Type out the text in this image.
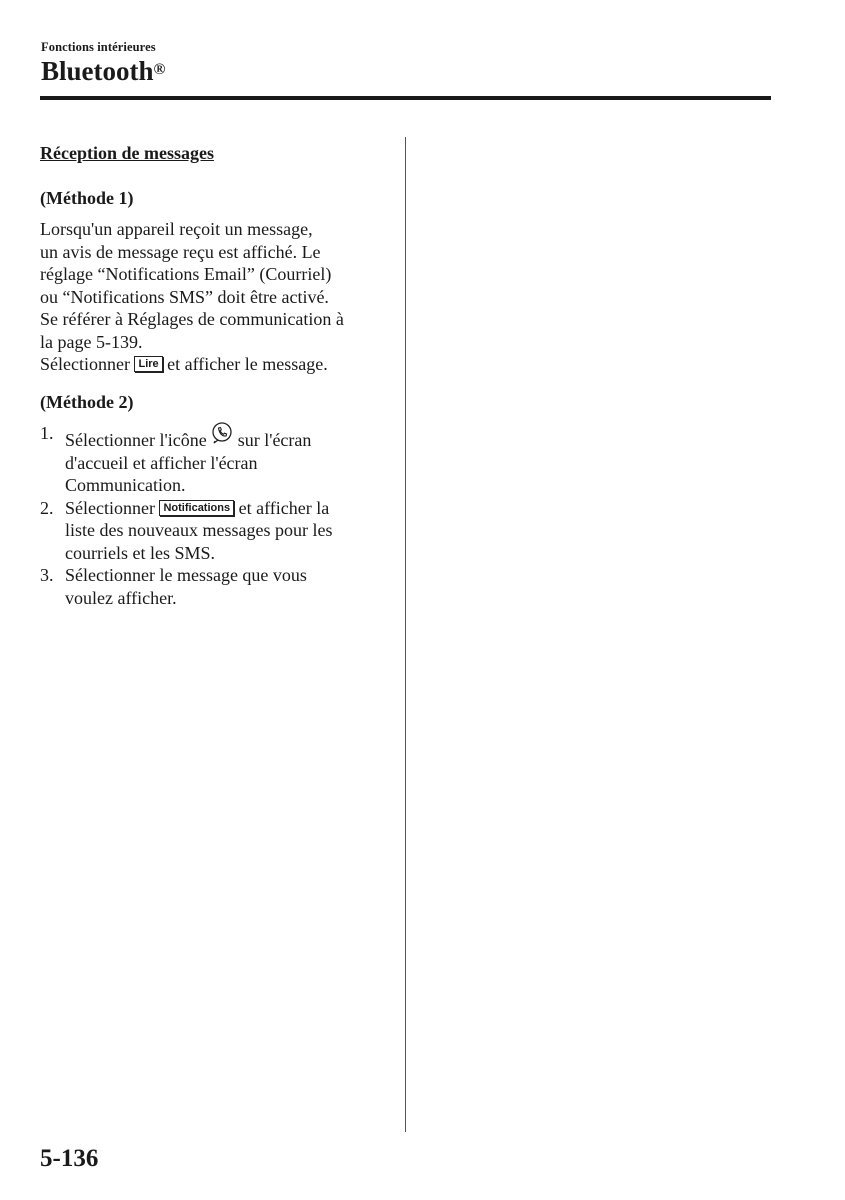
Fonctions intérieures
Bluetooth®
Réception de messages
(Méthode 1)
Lorsqu'un appareil reçoit un message,
un avis de message reçu est affiché. Le
réglage “Notifications Email” (Courriel)
ou “Notifications SMS” doit être activé.
Se référer à Réglages de communication à
la page 5-139.
Sélectionner Lire et afficher le message.
(Méthode 2)
1. Sélectionner l'icône sur l'écran
d'accueil et afficher l'écran
Communication.
2. Sélectionner Notifications et afficher la
liste des nouveaux messages pour les
courriels et les SMS.
3. Sélectionner le message que vous
voulez afficher.
5-136
